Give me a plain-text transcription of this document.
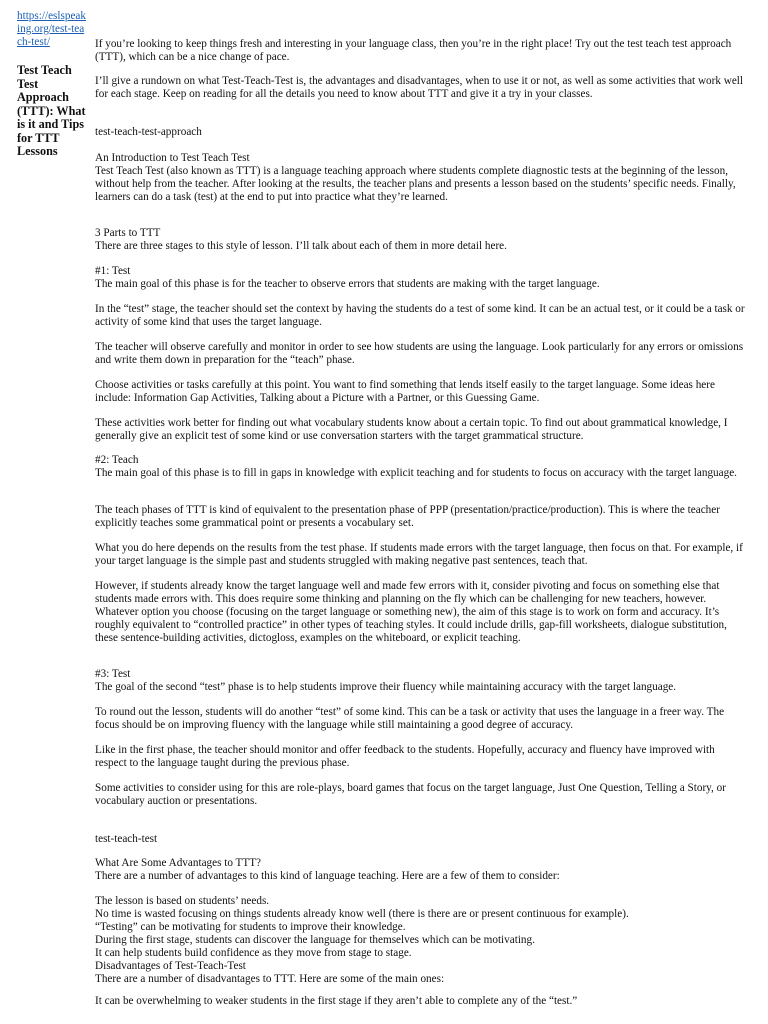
https://eslspeaking.org/test-teach-test/
Test Teach Test Approach (TTT): What is it and Tips for TTT Lessons
If you’re looking to keep things fresh and interesting in your language class, then you’re in the right place! Try out the test teach test approach (TTT), which can be a nice change of pace.
I’ll give a rundown on what Test-Teach-Test is, the advantages and disadvantages, when to use it or not, as well as some activities that work well for each stage. Keep on reading for all the details you need to know about TTT and give it a try in your classes.
test-teach-test-approach
An Introduction to Test Teach Test
Test Teach Test (also known as TTT) is a language teaching approach where students complete diagnostic tests at the beginning of the lesson, without help from the teacher. After looking at the results, the teacher plans and presents a lesson based on the students’ specific needs. Finally, learners can do a task (test) at the end to put into practice what they’re learned.
3 Parts to TTT
There are three stages to this style of lesson. I’ll talk about each of them in more detail here.
#1: Test
The main goal of this phase is for the teacher to observe errors that students are making with the target language.
In the “test” stage, the teacher should set the context by having the students do a test of some kind. It can be an actual test, or it could be a task or activity of some kind that uses the target language.
The teacher will observe carefully and monitor in order to see how students are using the language. Look particularly for any errors or omissions and write them down in preparation for the “teach” phase.
Choose activities or tasks carefully at this point. You want to find something that lends itself easily to the target language. Some ideas here include: Information Gap Activities, Talking about a Picture with a Partner, or this Guessing Game.
These activities work better for finding out what vocabulary students know about a certain topic. To find out about grammatical knowledge, I generally give an explicit test of some kind or use conversation starters with the target grammatical structure.
#2: Teach
The main goal of this phase is to fill in gaps in knowledge with explicit teaching and for students to focus on accuracy with the target language.
The teach phases of TTT is kind of equivalent to the presentation phase of PPP (presentation/practice/production). This is where the teacher explicitly teaches some grammatical point or presents a vocabulary set.
What you do here depends on the results from the test phase. If students made errors with the target language, then focus on that. For example, if your target language is the simple past and students struggled with making negative past sentences, teach that.
However, if students already know the target language well and made few errors with it, consider pivoting and focus on something else that students made errors with. This does require some thinking and planning on the fly which can be challenging for new teachers, however. Whatever option you choose (focusing on the target language or something new), the aim of this stage is to work on form and accuracy. It’s roughly equivalent to “controlled practice” in other types of teaching styles. It could include drills, gap-fill worksheets, dialogue substitution, these sentence-building activities, dictogloss, examples on the whiteboard, or explicit teaching.
#3: Test
The goal of the second “test” phase is to help students improve their fluency while maintaining accuracy with the target language.
To round out the lesson, students will do another “test” of some kind. This can be a task or activity that uses the language in a freer way. The focus should be on improving fluency with the language while still maintaining a good degree of accuracy.
Like in the first phase, the teacher should monitor and offer feedback to the students. Hopefully, accuracy and fluency have improved with respect to the language taught during the previous phase.
Some activities to consider using for this are role-plays, board games that focus on the target language, Just One Question, Telling a Story, or vocabulary auction or presentations.
test-teach-test
What Are Some Advantages to TTT?
There are a number of advantages to this kind of language teaching. Here are a few of them to consider:
The lesson is based on students’ needs.
No time is wasted focusing on things students already know well (there is there are or present continuous for example).
“Testing” can be motivating for students to improve their knowledge.
During the first stage, students can discover the language for themselves which can be motivating.
It can help students build confidence as they move from stage to stage.
Disadvantages of Test-Teach-Test
There are a number of disadvantages to TTT. Here are some of the main ones:
It can be overwhelming to weaker students in the first stage if they aren’t able to complete any of the “test.”
